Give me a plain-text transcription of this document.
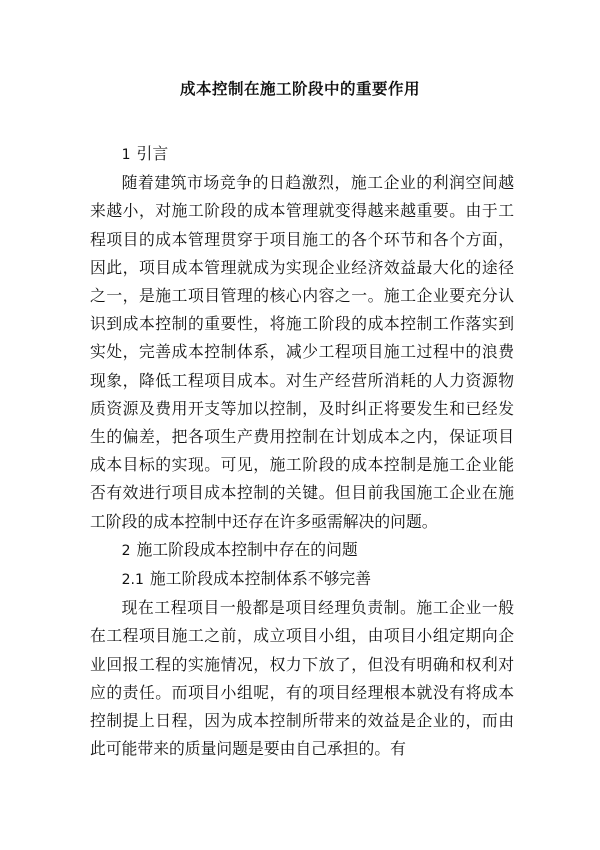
成本控制在施工阶段中的重要作用

1 引言

随着建筑市场竞争的日趋激烈，施工企业的利润空间越来越小，对施工阶段的成本管理就变得越来越重要。由于工程项目的成本管理贯穿于项目施工的各个环节和各个方面，因此，项目成本管理就成为实现企业经济效益最大化的途径之一，是施工项目管理的核心内容之一。施工企业要充分认识到成本控制的重要性，将施工阶段的成本控制工作落实到实处，完善成本控制体系，减少工程项目施工过程中的浪费现象，降低工程项目成本。对生产经营所消耗的人力资源物质资源及费用开支等加以控制，及时纠正将要发生和已经发生的偏差，把各项生产费用控制在计划成本之内，保证项目成本目标的实现。可见，施工阶段的成本控制是施工企业能否有效进行项目成本控制的关键。但目前我国施工企业在施工阶段的成本控制中还存在许多亟需解决的问题。

2 施工阶段成本控制中存在的问题

2.1 施工阶段成本控制体系不够完善

现在工程项目一般都是项目经理负责制。施工企业一般在工程项目施工之前，成立项目小组，由项目小组定期向企业回报工程的实施情况，权力下放了，但没有明确和权利对应的责任。而项目小组呢，有的项目经理根本就没有将成本控制提上日程，因为成本控制所带来的效益是企业的，而由此可能带来的质量问题是要由自己承担的。有
